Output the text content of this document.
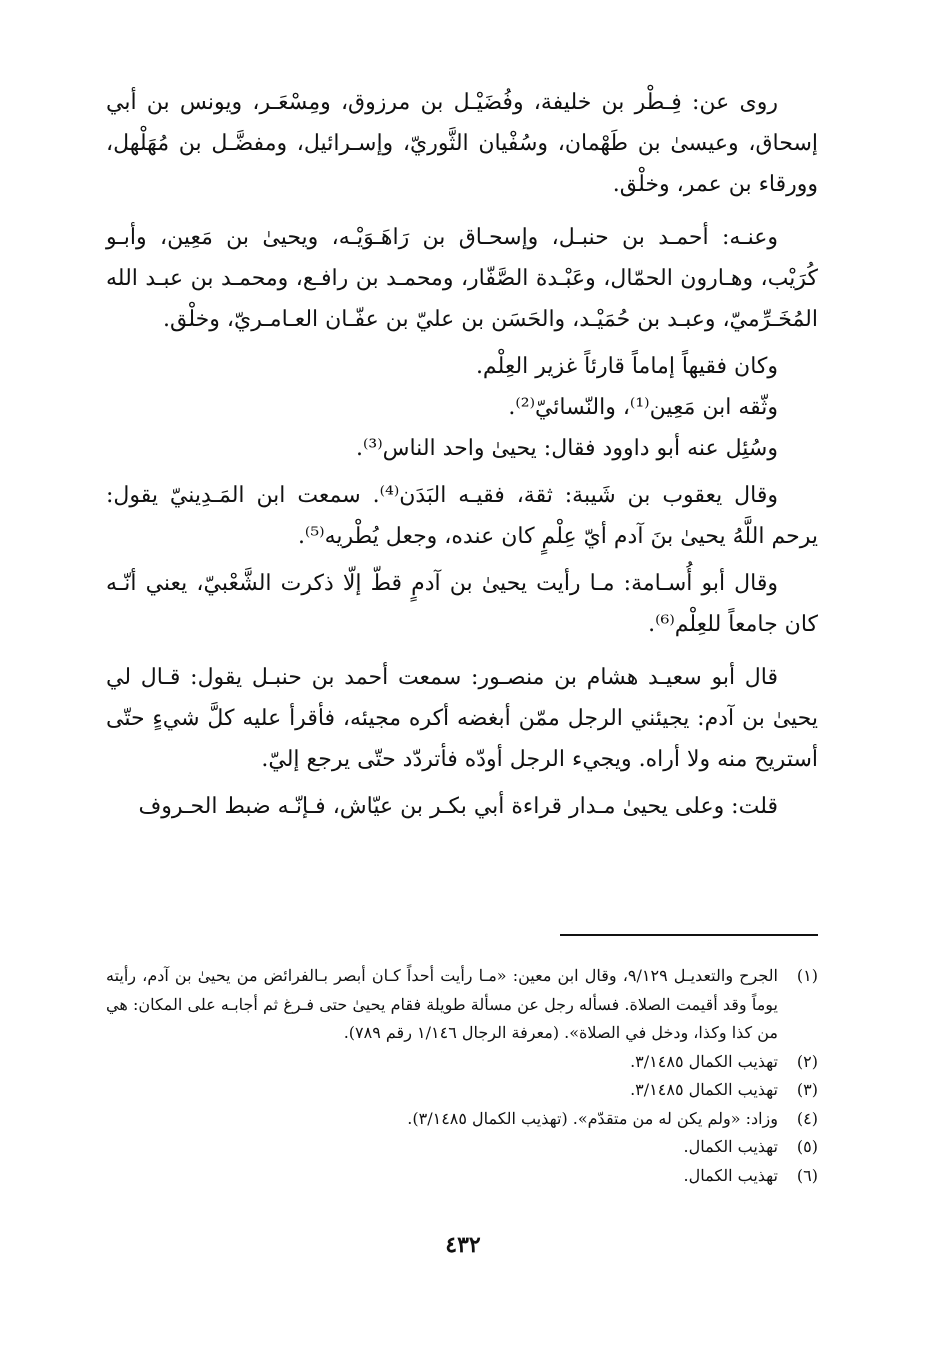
روى عن: فِـطْر بن خليفة، وفُضَيْـل بن مرزوق، ومِسْعَـر، ويونس بن أبي إسحاق، وعيسىٰ بن طَهْمان، وسُفْيان الثَّوريّ، وإسـرائيل، ومفضَّـل بن مُهَلْهل، وورقاء بن عمر، وخلْق.

وعنـه: أحمـد بن حنبـل، وإسحـاق بن رَاهَـوَيْـه، ويحيىٰ بن مَعِين، وأبـو كُرَيْب، وهـارون الحمّال، وعَبْـدة الصَّفّار، ومحمـد بن رافـع، ومحمـد بن عبـد الله المُخَـرِّميّ، وعبـد بن حُمَيْـد، والحَسَن بن عليّ بن عفّـان العـامـريّ، وخلْق.

وكان فقيهاً إماماً قارئاً غزير العِلْم.

وثّقه ابن مَعِين⁽¹⁾، والنّسائيّ⁽²⁾.

وسُئِل عنه أبو داوود فقال: يحيىٰ واحد الناس⁽³⁾.

وقال يعقوب بن شَيبة: ثقة، فقيـه البَدَن⁽⁴⁾. سمعت ابن المَـدِينيّ يقول: يرحم اللَّهُ يحيىٰ بنَ آدم أيّ عِلْمٍ كان عنده، وجعل يُطْريه⁽⁵⁾.

وقال أبو أُسـامة: مـا رأيت يحيىٰ بن آدمٍ قطّ إلّا ذكرت الشَّعْبيّ، يعني أنّـه كان جامعاً للعِلْم⁽⁶⁾.

قال أبو سعيـد هشام بن منصـور: سمعت أحمد بن حنبـل يقول: قـال لي يحيىٰ بن آدم: يجيئني الرجل ممّن أبغضه أكره مجيئه، فأقرأ عليه كلَّ شيءٍ حتّى أستريح منه ولا أراه. ويجيء الرجل أودّه فأتردّد حتّى يرجع إليّ.

قلت: وعلى يحيىٰ مـدار قراءة أبي بكـر بن عيّاش، فـإنّـه ضبط الحـروف

(١)
الجرح والتعديـل ٩/١٢٩، وقال ابن معين: «مـا رأيت أحداً كـان أبصر بـالفرائض من يحيىٰ بن آدم، رأيته يوماً وقد أقيمت الصلاة. فسأله رجل عن مسألة طويلة فقام يحيىٰ حتى فـرغ ثم أجابـه على المكان: هي من كذا وكذا، ودخل في الصلاة». (معرفة الرجال ١/١٤٦ رقم ٧٨٩).
(٢)
تهذيب الكمال ٣/١٤٨٥.
(٣)
تهذيب الكمال ٣/١٤٨٥.
(٤)
وزاد: «ولم يكن له من متقدّم». (تهذيب الكمال ٣/١٤٨٥).
(٥)
تهذيب الكمال.
(٦)
تهذيب الكمال.
٤٣٢
